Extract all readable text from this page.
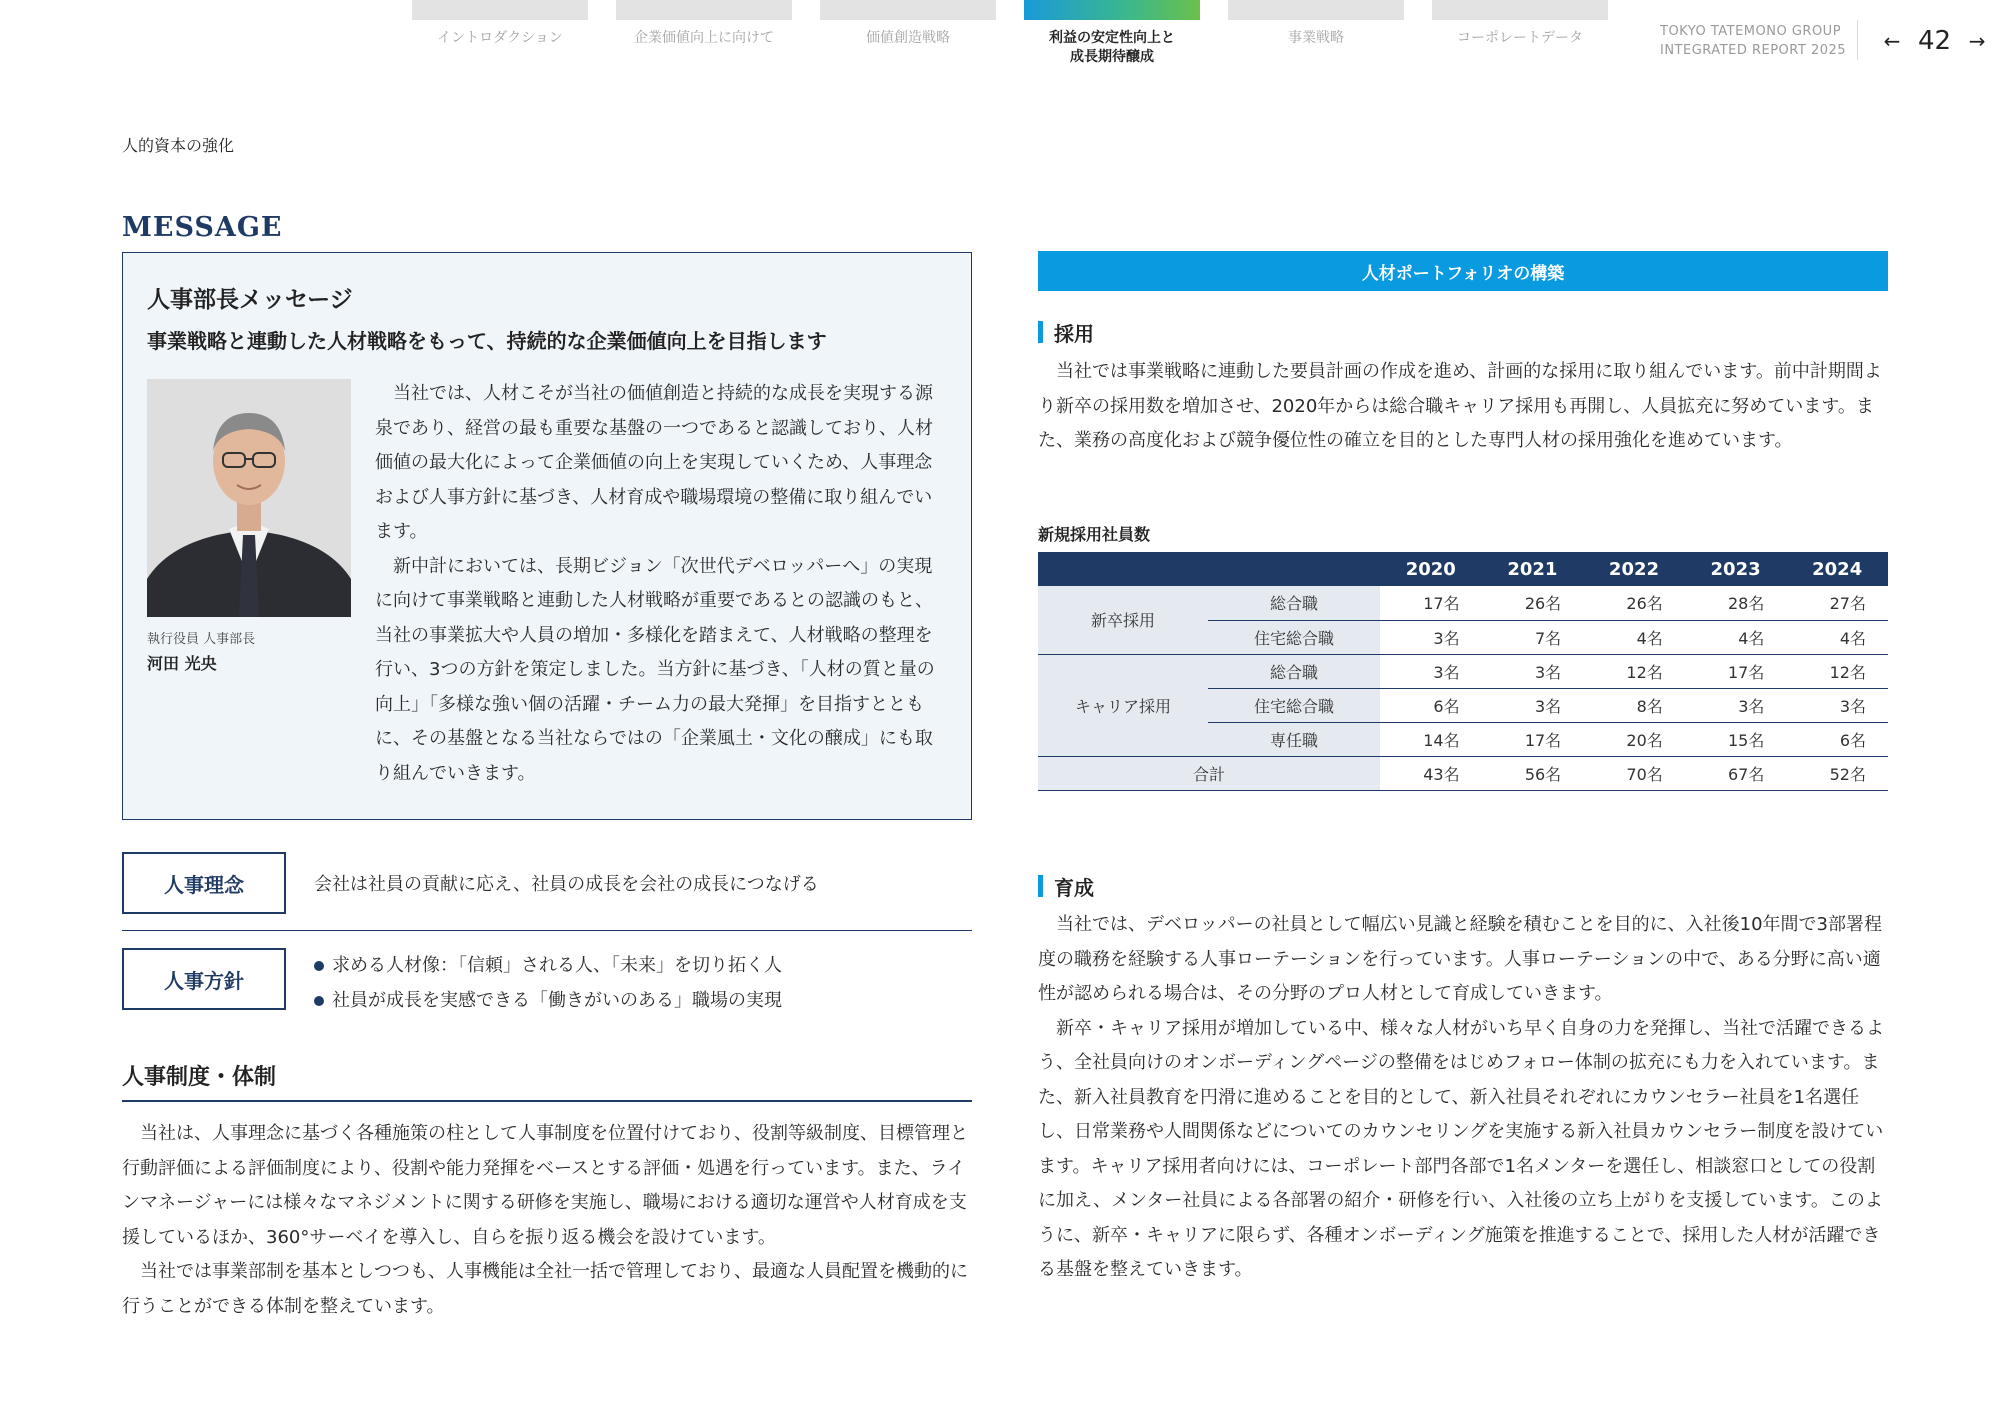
イントロダクション	企業価値向上に向けて	価値創造戦略	利益の安定性向上と
成長期待醸成
事業戦略	コーポレートデータ	TOKYO TATEMONO GROUP
INTEGRATED REPORT 2025 ← 42 →
人的資本の強化
MESSAGE
人事部長メッセージ
事業戦略と連動した人材戦略をもって、持続的な企業価値向上を目指します
執行役員 人事部長
河田 光央

当社では、人材こそが当社の価値創造と持続的な成長を実現する源泉であり、経営の最も重要な基盤の一つであると認識しており、人材価値の最大化によって企業価値の向上を実現していくため、人事理念および人事方針に基づき、人材育成や職場環境の整備に取り組んでいます。

新中計においては、長期ビジョン「次世代デベロッパーへ」の実現に向けて事業戦略と連動した人材戦略が重要であるとの認識のもと、当社の事業拡大や人員の増加・多様化を踏まえて、人材戦略の整理を行い、3つの方針を策定しました。当方針に基づき、「人材の質と量の向上」「多様な強い個の活躍・チーム力の最大発揮」を目指すとともに、その基盤となる当社ならではの「企業風土・文化の醸成」にも取り組んでいきます。

人事理念	会社は社員の貢献に応え、社員の成長を会社の成長につなげる
人事方針
求める人材像：「信頼」される人、「未来」を切り拓く人
社員が成長を実感できる「働きがいのある」職場の実現
人事制度・体制

当社は、人事理念に基づく各種施策の柱として人事制度を位置付けており、役割等級制度、目標管理と行動評価による評価制度により、役割や能力発揮をベースとする評価・処遇を行っています。また、ラインマネージャーには様々なマネジメントに関する研修を実施し、職場における適切な運営や人材育成を支援しているほか、360°サーベイを導入し、自らを振り返る機会を設けています。

当社では事業部制を基本としつつも、人事機能は全社一括で管理しており、最適な人員配置を機動的に行うことができる体制を整えています。

人材ポートフォリオの構築
採用

当社では事業戦略に連動した要員計画の作成を進め、計画的な採用に取り組んでいます。前中計期間より新卒の採用数を増加させ、2020年からは総合職キャリア採用も再開し、人員拡充に努めています。また、業務の高度化および競争優位性の確立を目的とした専門人材の採用強化を進めています。

新規採用社員数
		2020	2021	2022	2023	2024
新卒採用	総合職	17名	26名	26名	28名	27名
	住宅総合職	3名	7名	4名	4名	4名
キャリア採用	総合職	3名	3名	12名	17名	12名
	住宅総合職	6名	3名	8名	3名	3名
	専任職	14名	17名	20名	15名	6名
合計		43名	56名	70名	67名	52名
育成

当社では、デベロッパーの社員として幅広い見識と経験を積むことを目的に、入社後10年間で3部署程度の職務を経験する人事ローテーションを行っています。人事ローテーションの中で、ある分野に高い適性が認められる場合は、その分野のプロ人材として育成していきます。

新卒・キャリア採用が増加している中、様々な人材がいち早く自身の力を発揮し、当社で活躍できるよう、全社員向けのオンボーディングページの整備をはじめフォロー体制の拡充にも力を入れています。また、新入社員教育を円滑に進めることを目的として、新入社員それぞれにカウンセラー社員を1名選任し、日常業務や人間関係などについてのカウンセリングを実施する新入社員カウンセラー制度を設けています。キャリア採用者向けには、コーポレート部門各部で1名メンターを選任し、相談窓口としての役割に加え、メンター社員による各部署の紹介・研修を行い、入社後の立ち上がりを支援しています。このように、新卒・キャリアに限らず、各種オンボーディング施策を推進することで、採用した人材が活躍できる基盤を整えていきます。
